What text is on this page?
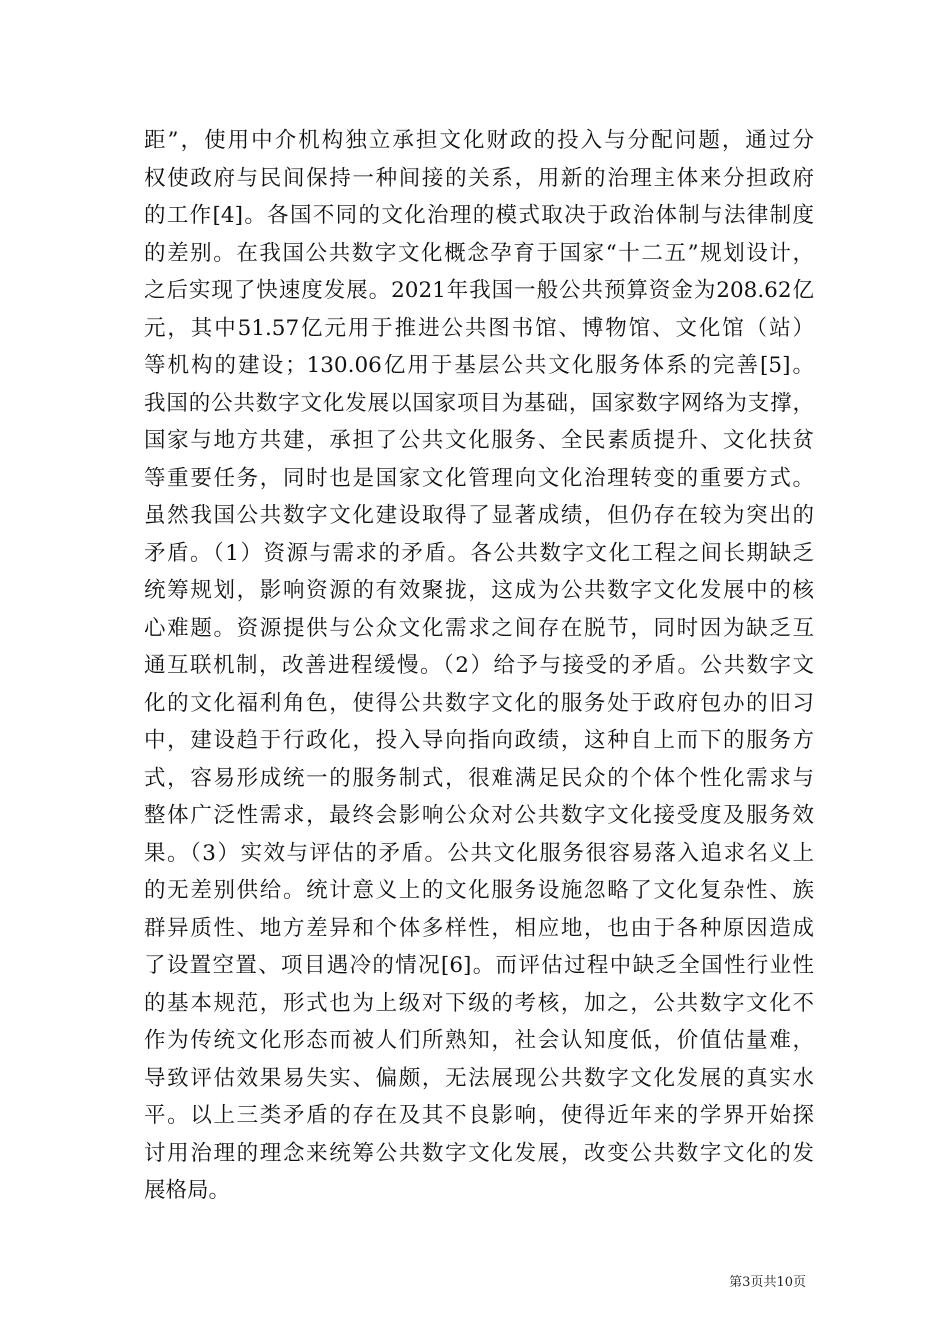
距”，使用中介机构独立承担文化财政的投入与分配问题，通过分
权使政府与民间保持一种间接的关系，用新的治理主体来分担政府
的工作[4]。各国不同的文化治理的模式取决于政治体制与法律制度
的差别。在我国公共数字文化概念孕育于国家“十二五”规划设计，
之后实现了快速度发展。2021年我国一般公共预算资金为208.62亿
元，其中51.57亿元用于推进公共图书馆、博物馆、文化馆（站）
等机构的建设；130.06亿用于基层公共文化服务体系的完善[5]。
我国的公共数字文化发展以国家项目为基础，国家数字网络为支撑，
国家与地方共建，承担了公共文化服务、全民素质提升、文化扶贫
等重要任务，同时也是国家文化管理向文化治理转变的重要方式。
虽然我国公共数字文化建设取得了显著成绩，但仍存在较为突出的
矛盾。（1）资源与需求的矛盾。各公共数字文化工程之间长期缺乏
统筹规划，影响资源的有效聚拢，这成为公共数字文化发展中的核
心难题。资源提供与公众文化需求之间存在脱节，同时因为缺乏互
通互联机制，改善进程缓慢。（2）给予与接受的矛盾。公共数字文
化的文化福利角色，使得公共数字文化的服务处于政府包办的旧习
中，建设趋于行政化，投入导向指向政绩，这种自上而下的服务方
式，容易形成统一的服务制式，很难满足民众的个体个性化需求与
整体广泛性需求，最终会影响公众对公共数字文化接受度及服务效
果。（3）实效与评估的矛盾。公共文化服务很容易落入追求名义上
的无差别供给。统计意义上的文化服务设施忽略了文化复杂性、族
群异质性、地方差异和个体多样性，相应地，也由于各种原因造成
了设置空置、项目遇冷的情况[6]。而评估过程中缺乏全国性行业性
的基本规范，形式也为上级对下级的考核，加之，公共数字文化不
作为传统文化形态而被人们所熟知，社会认知度低，价值估量难，
导致评估效果易失实、偏颇，无法展现公共数字文化发展的真实水
平。以上三类矛盾的存在及其不良影响，使得近年来的学界开始探
讨用治理的理念来统筹公共数字文化发展，改变公共数字文化的发
展格局。
第3页共10页
